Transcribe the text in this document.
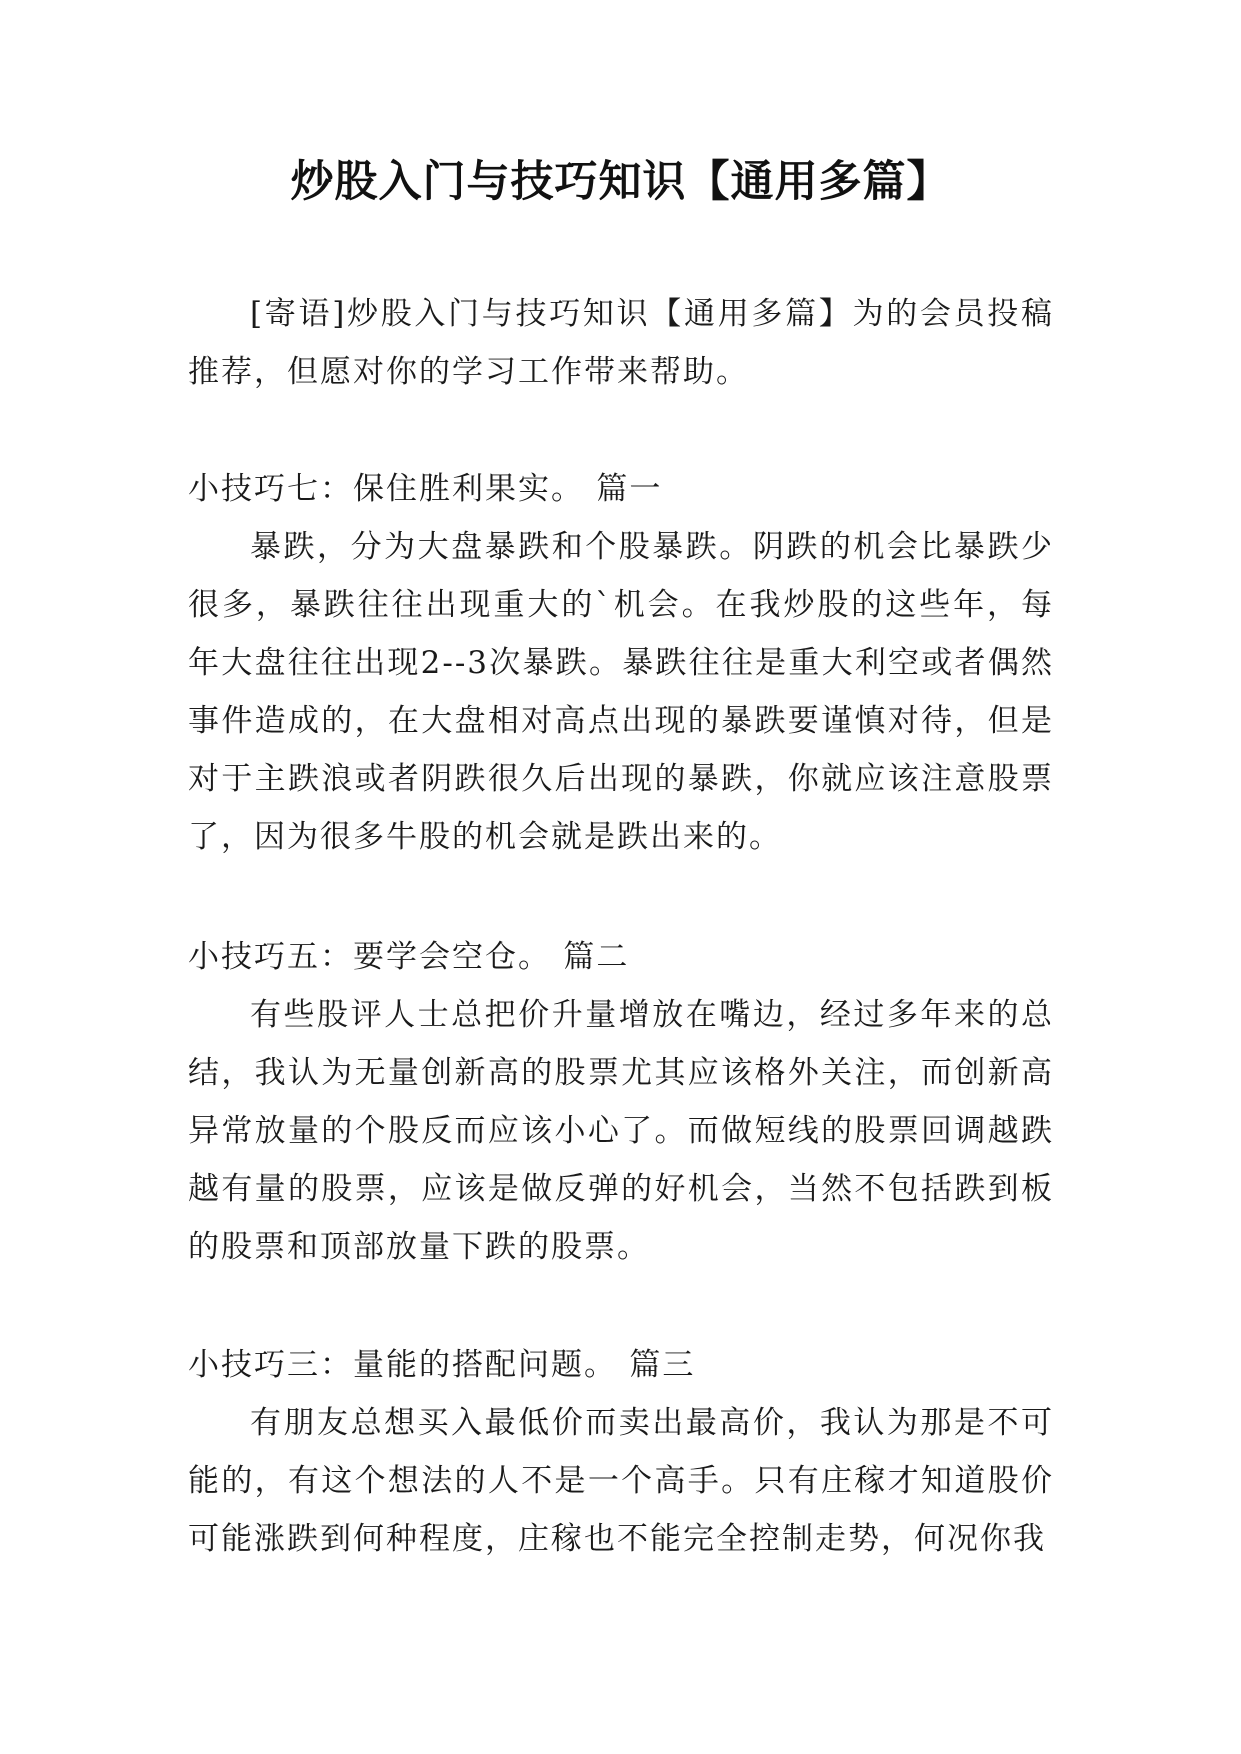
炒股入门与技巧知识【通用多篇】

[寄语]炒股入门与技巧知识【通用多篇】为的会员投稿推荐，但愿对你的学习工作带来帮助。

小技巧七：保住胜利果实。 篇一

暴跌，分为大盘暴跌和个股暴跌。阴跌的机会比暴跌少很多，暴跌往往出现重大的`机会。在我炒股的这些年，每年大盘往往出现2--3次暴跌。暴跌往往是重大利空或者偶然事件造成的，在大盘相对高点出现的暴跌要谨慎对待，但是对于主跌浪或者阴跌很久后出现的暴跌，你就应该注意股票了，因为很多牛股的机会就是跌出来的。

小技巧五：要学会空仓。 篇二

有些股评人士总把价升量增放在嘴边，经过多年来的总结，我认为无量创新高的股票尤其应该格外关注，而创新高异常放量的个股反而应该小心了。而做短线的股票回调越跌越有量的股票，应该是做反弹的好机会，当然不包括跌到板的股票和顶部放量下跌的股票。

小技巧三：量能的搭配问题。 篇三

有朋友总想买入最低价而卖出最高价，我认为那是不可能的，有这个想法的人不是一个高手。只有庄稼才知道股价可能涨跌到何种程度，庄稼也不能完全控制走势，何况你我
